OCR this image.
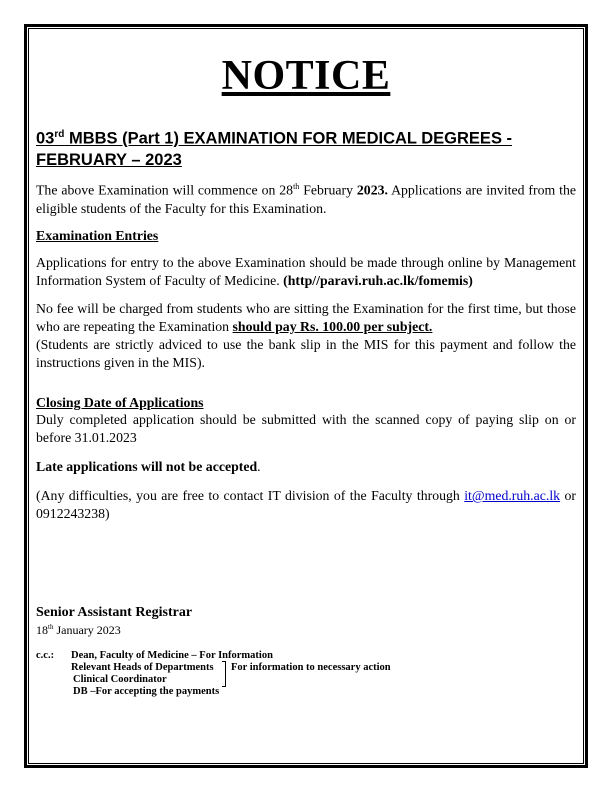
NOTICE
03rd MBBS (Part 1) EXAMINATION FOR MEDICAL DEGREES - FEBRUARY – 2023
The above Examination will commence on 28th February 2023. Applications are invited from the eligible students of the Faculty for this Examination.
Examination Entries
Applications for entry to the above Examination should be made through online by Management Information System of Faculty of Medicine. (http//paravi.ruh.ac.lk/fomemis)
No fee will be charged from students who are sitting the Examination for the first time, but those who are repeating the Examination should pay Rs. 100.00 per subject.
(Students are strictly adviced to use the bank slip in the MIS for this payment and follow the instructions given in the MIS).
Closing Date of Applications
Duly completed application should be submitted with the scanned copy of paying slip on or before 31.01.2023
Late applications will not be accepted.
(Any difficulties, you are free to contact IT division of the Faculty through it@med.ruh.ac.lk or 0912243238)
Senior Assistant Registrar
18th January 2023
c.c.: Dean, Faculty of Medicine – For Information
Relevant Heads of Departments For information to necessary action
Clinical Coordinator
DB –For accepting the payments
